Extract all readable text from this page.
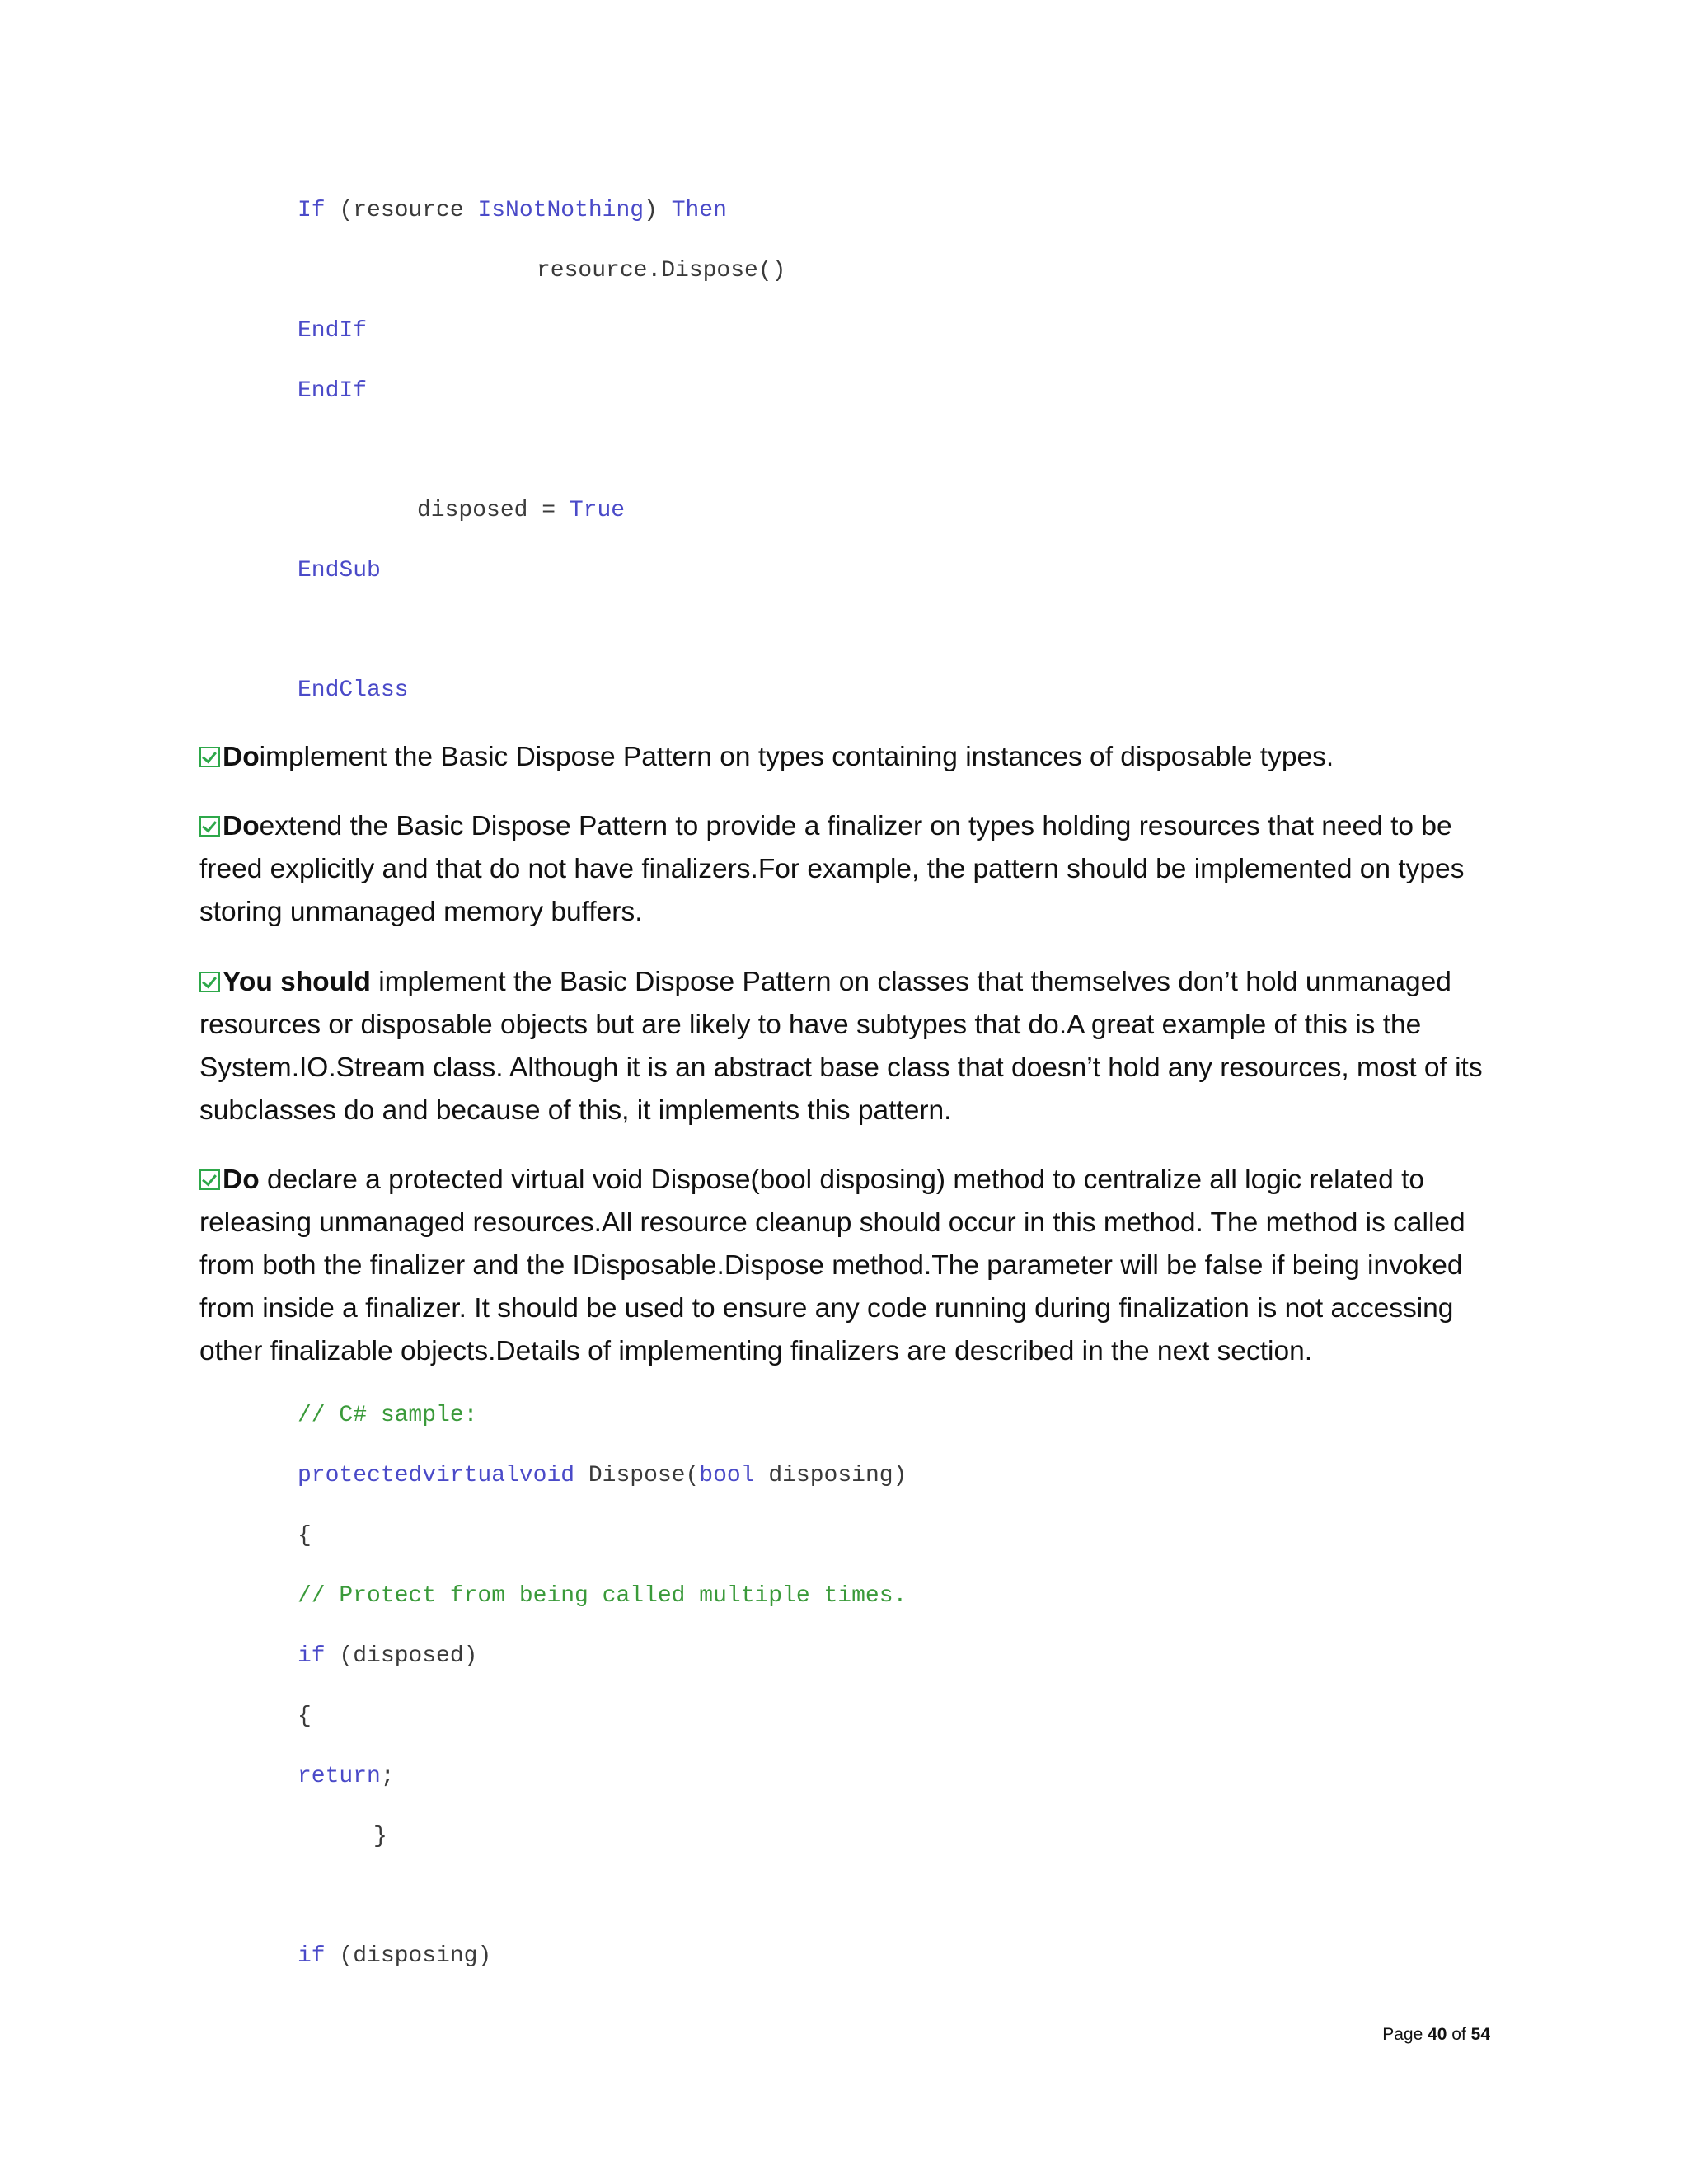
If (resource IsNotNothing) Then
resource.Dispose()
EndIf
EndIf
disposed = True
EndSub
EndClass
Doimplement the Basic Dispose Pattern on types containing instances of disposable types.
Doextend the Basic Dispose Pattern to provide a finalizer on types holding resources that need to be freed explicitly and that do not have finalizers.For example, the pattern should be implemented on types storing unmanaged memory buffers.
You should implement the Basic Dispose Pattern on classes that themselves don’t hold unmanaged resources or disposable objects but are likely to have subtypes that do.A great example of this is the System.IO.Stream class. Although it is an abstract base class that doesn’t hold any resources, most of its subclasses do and because of this, it implements this pattern.
Do declare a protected virtual void Dispose(bool disposing) method to centralize all logic related to releasing unmanaged resources.All resource cleanup should occur in this method. The method is called from both the finalizer and the IDisposable.Dispose method.The parameter will be false if being invoked from inside a finalizer. It should be used to ensure any code running during finalization is not accessing other finalizable objects.Details of implementing finalizers are described in the next section.
// C# sample:
protectedvirtualvoid Dispose(bool disposing)
{
// Protect from being called multiple times.
if (disposed)
{
return;
}
if (disposing)
Page 40 of 54
